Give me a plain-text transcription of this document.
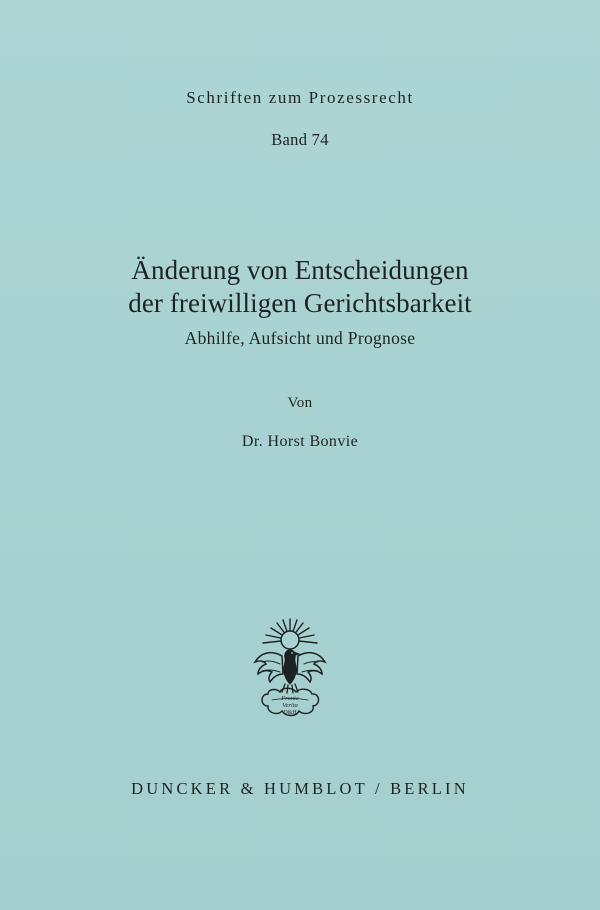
Schriften zum Prozessrecht
Band 74
Änderung von Entscheidungen
der freiwilligen Gerichtsbarkeit
Abhilfe, Aufsicht und Prognose
Von
Dr. Horst Bonvie
Fronte
Verita
D&H
DUNCKER & HUMBLOT / BERLIN
